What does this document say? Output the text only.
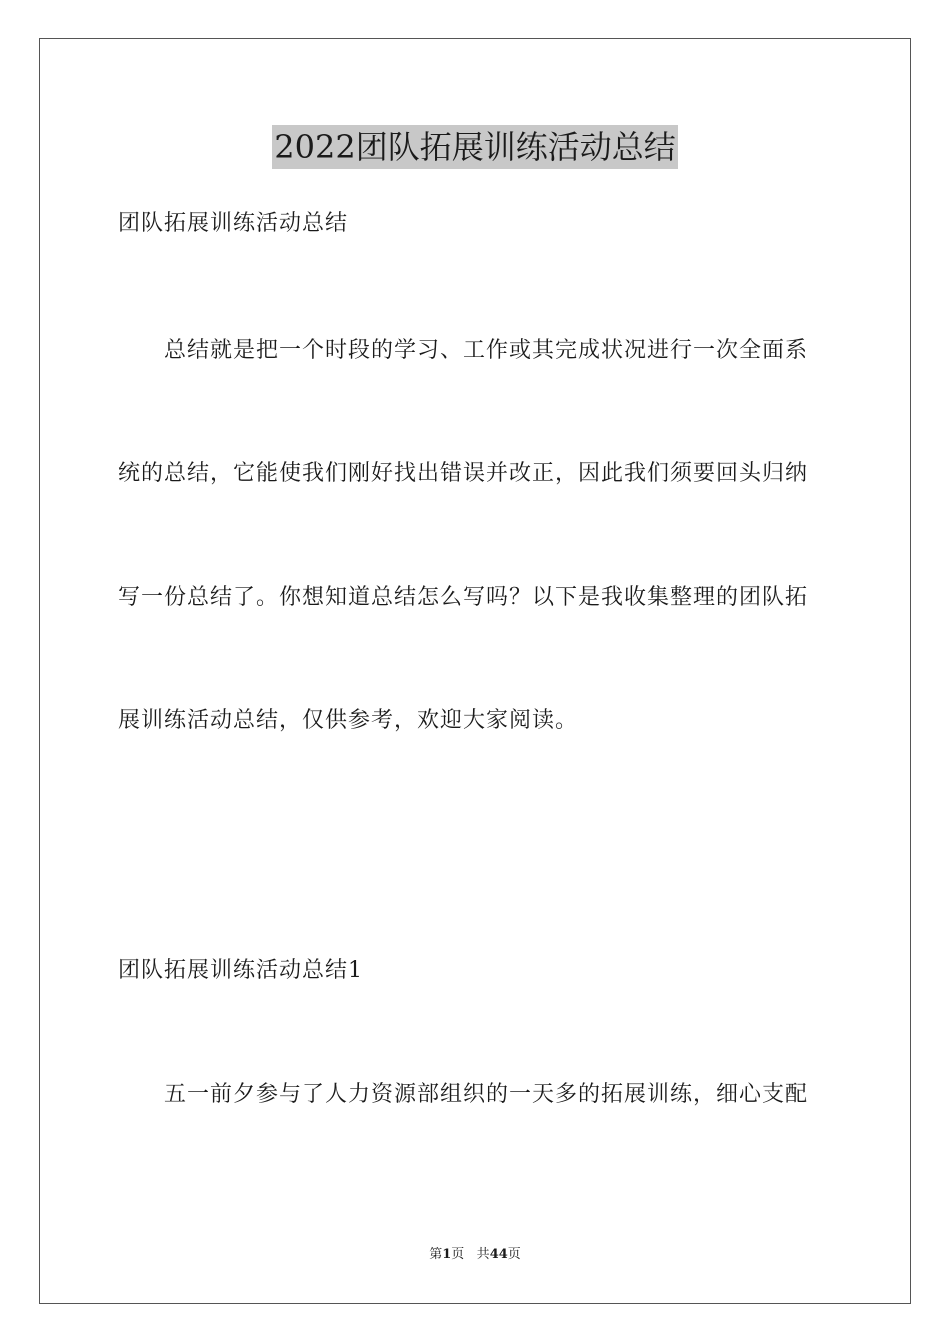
2022团队拓展训练活动总结
团队拓展训练活动总结
总结就是把一个时段的学习、工作或其完成状况进行一次全面系
统的总结，它能使我们刚好找出错误并改正，因此我们须要回头归纳
写一份总结了。你想知道总结怎么写吗？以下是我收集整理的团队拓
展训练活动总结，仅供参考，欢迎大家阅读。
团队拓展训练活动总结1
五一前夕参与了人力资源部组织的一天多的拓展训练，细心支配
第1页 共44页
